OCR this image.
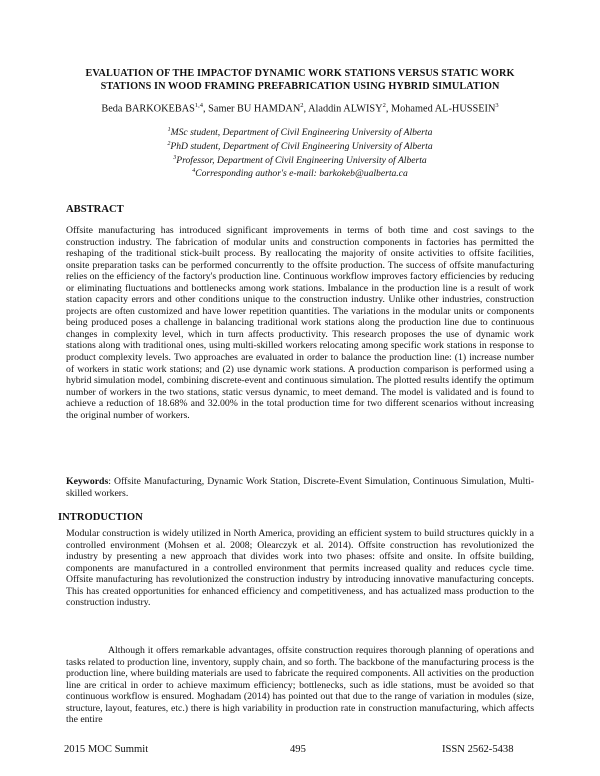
EVALUATION OF THE IMPACTOF DYNAMIC WORK STATIONS VERSUS STATIC WORK STATIONS IN WOOD FRAMING PREFABRICATION USING HYBRID SIMULATION
Beda BARKOKEBAS$^{1,4}$, Samer BU HAMDAN$^2$, Aladdin ALWISY$^2$, Mohamed AL-HUSSEIN$^3$
$^1$MSc student, Department of Civil Engineering University of Alberta
$^2$PhD student, Department of Civil Engineering University of Alberta
$^3$Professor, Department of Civil Engineering University of Alberta
$^4$Corresponding author's e-mail: barkokeb@ualberta.ca
ABSTRACT

Offsite manufacturing has introduced significant improvements in terms of both time and cost savings to the construction industry. The fabrication of modular units and construction components in factories has permitted the reshaping of the traditional stick-built process. By reallocating the majority of onsite activities to offsite facilities, onsite preparation tasks can be performed concurrently to the offsite production. The success of offsite manufacturing relies on the efficiency of the factory's production line. Continuous workflow improves factory efficiencies by reducing or eliminating fluctuations and bottlenecks among work stations. Imbalance in the production line is a result of work station capacity errors and other conditions unique to the construction industry. Unlike other industries, construction projects are often customized and have lower repetition quantities. The variations in the modular units or components being produced poses a challenge in balancing traditional work stations along the production line due to continuous changes in complexity level, which in turn affects productivity. This research proposes the use of dynamic work stations along with traditional ones, using multi-skilled workers relocating among specific work stations in response to product complexity levels. Two approaches are evaluated in order to balance the production line: (1) increase number of workers in static work stations; and (2) use dynamic work stations. A production comparison is performed using a hybrid simulation model, combining discrete-event and continuous simulation. The plotted results identify the optimum number of workers in the two stations, static versus dynamic, to meet demand. The model is validated and is found to achieve a reduction of 18.68% and 32.00% in the total production time for two different scenarios without increasing the original number of workers.

Keywords: Offsite Manufacturing, Dynamic Work Station, Discrete-Event Simulation, Continuous Simulation, Multi-skilled workers.

INTRODUCTION

Modular construction is widely utilized in North America, providing an efficient system to build structures quickly in a controlled environment (Mohsen et al. 2008; Olearczyk et al. 2014). Offsite construction has revolutionized the industry by presenting a new approach that divides work into two phases: offsite and onsite. In offsite building, components are manufactured in a controlled environment that permits increased quality and reduces cycle time. Offsite manufacturing has revolutionized the construction industry by introducing innovative manufacturing concepts. This has created opportunities for enhanced efficiency and competitiveness, and has actualized mass production to the construction industry.

Although it offers remarkable advantages, offsite construction requires thorough planning of operations and tasks related to production line, inventory, supply chain, and so forth. The backbone of the manufacturing process is the production line, where building materials are used to fabricate the required components. All activities on the production line are critical in order to achieve maximum efficiency; bottlenecks, such as idle stations, must be avoided so that continuous workflow is ensured. Moghadam (2014) has pointed out that due to the range of variation in modules (size, structure, layout, features, etc.) there is high variability in production rate in construction manufacturing, which affects the entire

2015 MOC Summit	495	ISSN 2562-5438
